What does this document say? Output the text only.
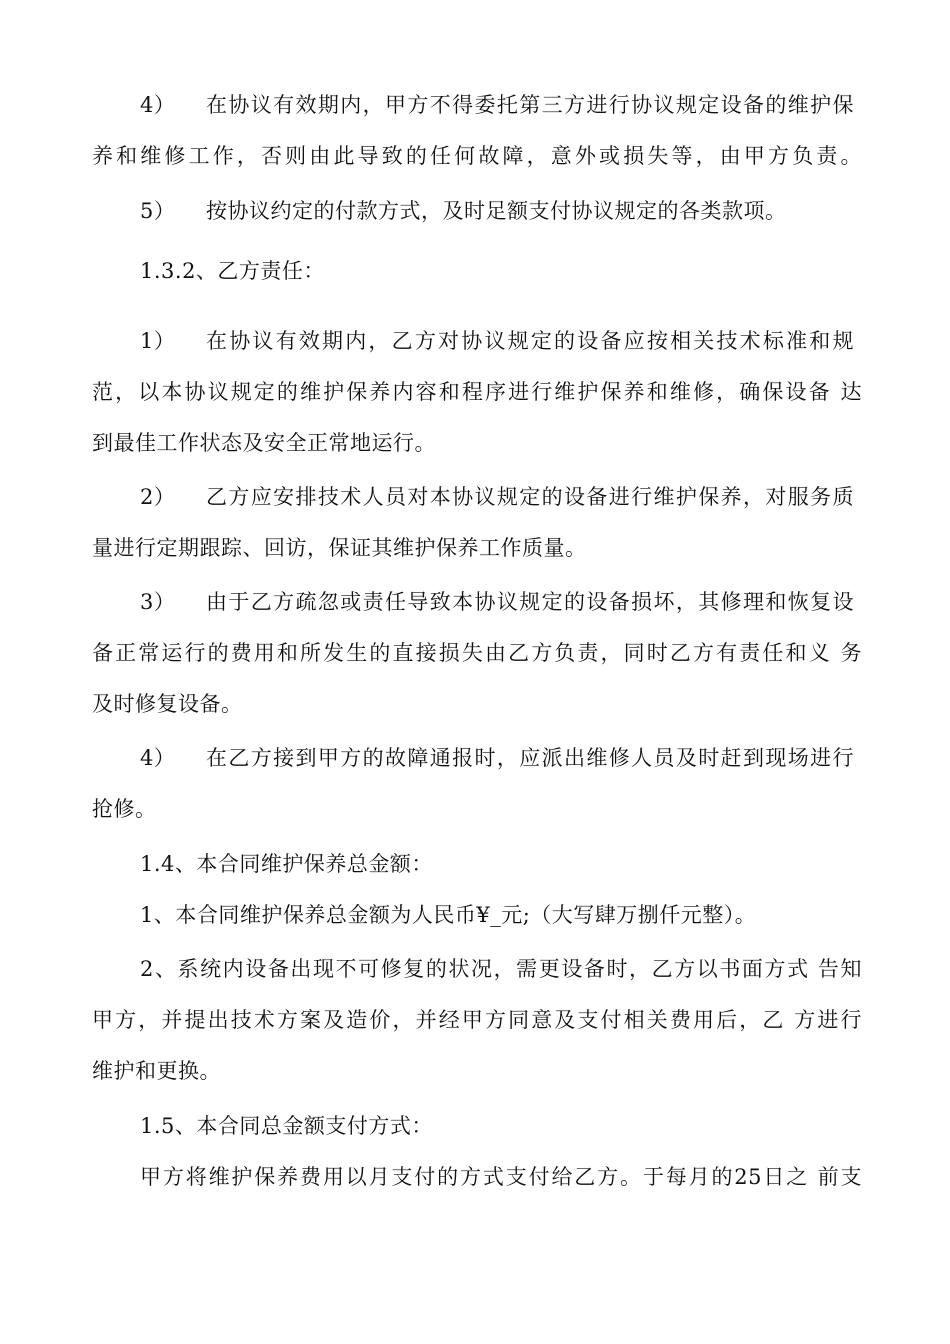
4） 在协议有效期内，甲方不得委托第三方进行协议规定设备的维护保
养和维修工作，否则由此导致的任何故障，意外或损失等，由甲方负责。
5） 按协议约定的付款方式，及时足额支付协议规定的各类款项。
1.3.2、乙方责任：
1） 在协议有效期内，乙方对协议规定的设备应按相关技术标准和规
范，以本协议规定的维护保养内容和程序进行维护保养和维修，确保设备 达
到最佳工作状态及安全正常地运行。
2） 乙方应安排技术人员对本协议规定的设备进行维护保养，对服务质
量进行定期跟踪、回访，保证其维护保养工作质量。
3） 由于乙方疏忽或责任导致本协议规定的设备损坏，其修理和恢复设
备正常运行的费用和所发生的直接损失由乙方负责，同时乙方有责任和义 务
及时修复设备。
4） 在乙方接到甲方的故障通报时，应派出维修人员及时赶到现场进行
抢修。
1.4、本合同维护保养总金额：
1、本合同维护保养总金额为人民币¥_元;（大写肆万捌仟元整）。
2、系统内设备出现不可修复的状况，需更设备时，乙方以书面方式 告知
甲方，并提出技术方案及造价，并经甲方同意及支付相关费用后，乙 方进行
维护和更换。
1.5、本合同总金额支付方式：
甲方将维护保养费用以月支付的方式支付给乙方。于每月的25日之 前支
